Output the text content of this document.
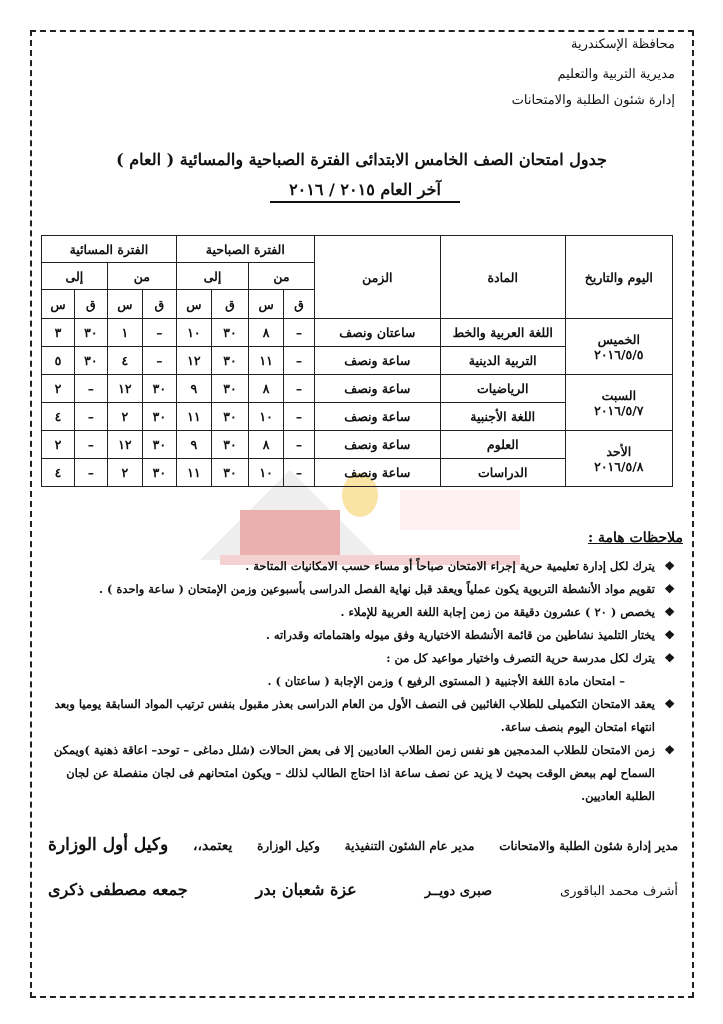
محافظة الإسكندرية
مديرية التربية والتعليم
إدارة شئون الطلبة والامتحانات
جدول امتحان الصف الخامس الابتدائى الفترة الصباحية والمسائية ( العام )
آخر العام ٢٠١٥ / ٢٠١٦
اليوم والتاريخ	المادة	الزمن	الفترة الصباحية				الفترة المسائية			
			من		إلى		من		إلى	
			ق	س	ق	س	ق	س	ق	س

الخميس
٢٠١٦/٥/٥	اللغة العربية والخط	ساعتان ونصف	–	٨	٣٠	١٠	–	١	٣٠	٣
	التربية الدينية	ساعة ونصف	–	١١	٣٠	١٢	–	٤	٣٠	٥

السبت
٢٠١٦/٥/٧	الرياضيات	ساعة ونصف	–	٨	٣٠	٩	٣٠	١٢	–	٢
	اللغة الأجنبية	ساعة ونصف	–	١٠	٣٠	١١	٣٠	٢	–	٤

الأحد
٢٠١٦/٥/٨	العلوم	ساعة ونصف	–	٨	٣٠	٩	٣٠	١٢	–	٢
	الدراسات	ساعة ونصف	–	١٠	٣٠	١١	٣٠	٢	–	٤
ملاحظات هامة :
❖
يترك لكل إدارة تعليمية حرية إجراء الامتحان صباحاً أو مساء حسب الامكانيات المتاحة .
❖
تقويم مواد الأنشطة التربوية يكون عملياً ويعقد قبل نهاية الفصل الدراسى بأسبوعين وزمن الإمتحان ( ساعة واحدة ) .
❖
يخصص ( ٢٠ ) عشرون دقيقة من زمن إجابة اللغة العربية للإملاء .
❖
يختار التلميذ نشاطين من قائمة الأنشطة الاختيارية وفق ميوله واهتماماته وقدراته .
❖
يترك لكل مدرسة حرية التصرف واختيار مواعيد كل من :
– امتحان مادة اللغة الأجنبية ( المستوى الرفيع ) وزمن الإجابة ( ساعتان ) .
❖
يعقد الامتحان التكميلى للطلاب الغائبين فى النصف الأول من العام الدراسى بعذر مقبول بنفس ترتيب المواد السابقة يوميا وبعد انتهاء امتحان اليوم بنصف ساعة.
❖
زمن الامتحان للطلاب المدمجين هو نفس زمن الطلاب العاديين إلا فى بعض الحالات (شلل دماغى – توحد– اعاقة ذهنية )ويمكن السماح لهم ببعض الوقت بحيث لا يزيد عن نصف ساعة اذا احتاج الطالب لذلك – ويكون امتحانهم فى لجان منفصلة عن لجان الطلبة العاديين.
مدير إدارة شئون الطلبة والامتحانات
مدير عام الشئون التنفيذية
وكيل الوزارة
يعتمد،،
وكيل أول الوزارة
أشرف محمد الباقورى
صبرى دويــر
عزة شعبان بدر
جمعه مصطفى ذكرى
